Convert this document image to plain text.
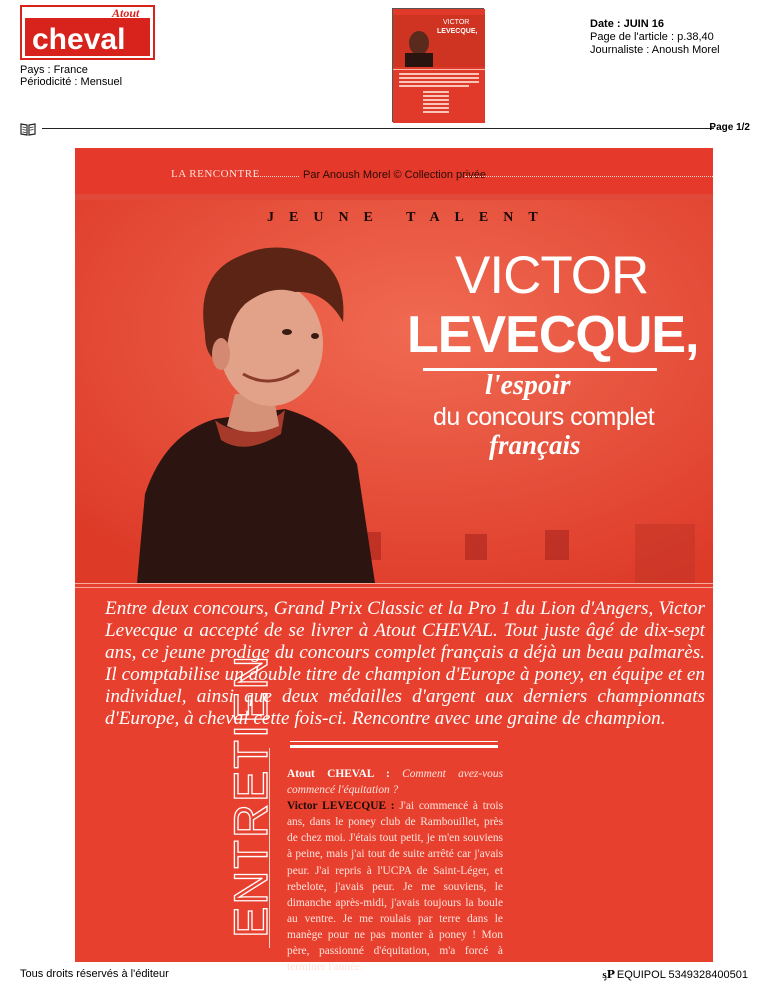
Atout
cheval
Pays : France
Périodicité : Mensuel
VICTOR
LEVECQUE,
Date : JUIN 16
Page de l'article : p.38,40
Journaliste : Anoush Morel
Page 1/2
LA RENCONTRE	Par Anoush Morel © Collection privée
JEUNE TALENT
VICTOR
LEVECQUE,
l'espoir
du concours complet
français
Entre deux concours, Grand Prix Classic et la Pro 1 du Lion d'Angers, Victor Levecque a accepté de se livrer à Atout CHEVAL. Tout juste âgé de dix-sept ans, ce jeune prodige du concours complet français a déjà un beau palmarès. Il comptabilise un double titre de champion d'Europe à poney, en équipe et en individuel, ainsi que deux médailles d'argent aux derniers championnats d'Europe, à cheval cette fois-ci. Rencontre avec une graine de champion.
ENTRETIEN Atout CHEVAL : Comment avez-vous commencé l'équitation ?
Victor LEVECQUE : J'ai commencé à trois ans, dans le poney club de Rambouillet, près de chez moi. J'étais tout petit, je m'en souviens à peine, mais j'ai tout de suite arrêté car j'avais peur. J'ai repris à l'UCPA de Saint-Léger, et rebelote, j'avais peur. Je me souviens, le dimanche après-midi, j'avais toujours la boule au ventre. Je me roulais par terre dans le manège pour ne pas monter à poney ! Mon père, passionné d'équitation, m'a forcé à terminer l'année.
Tous droits réservés à l'éditeur	ᶊP EQUIPOL 5349328400501
